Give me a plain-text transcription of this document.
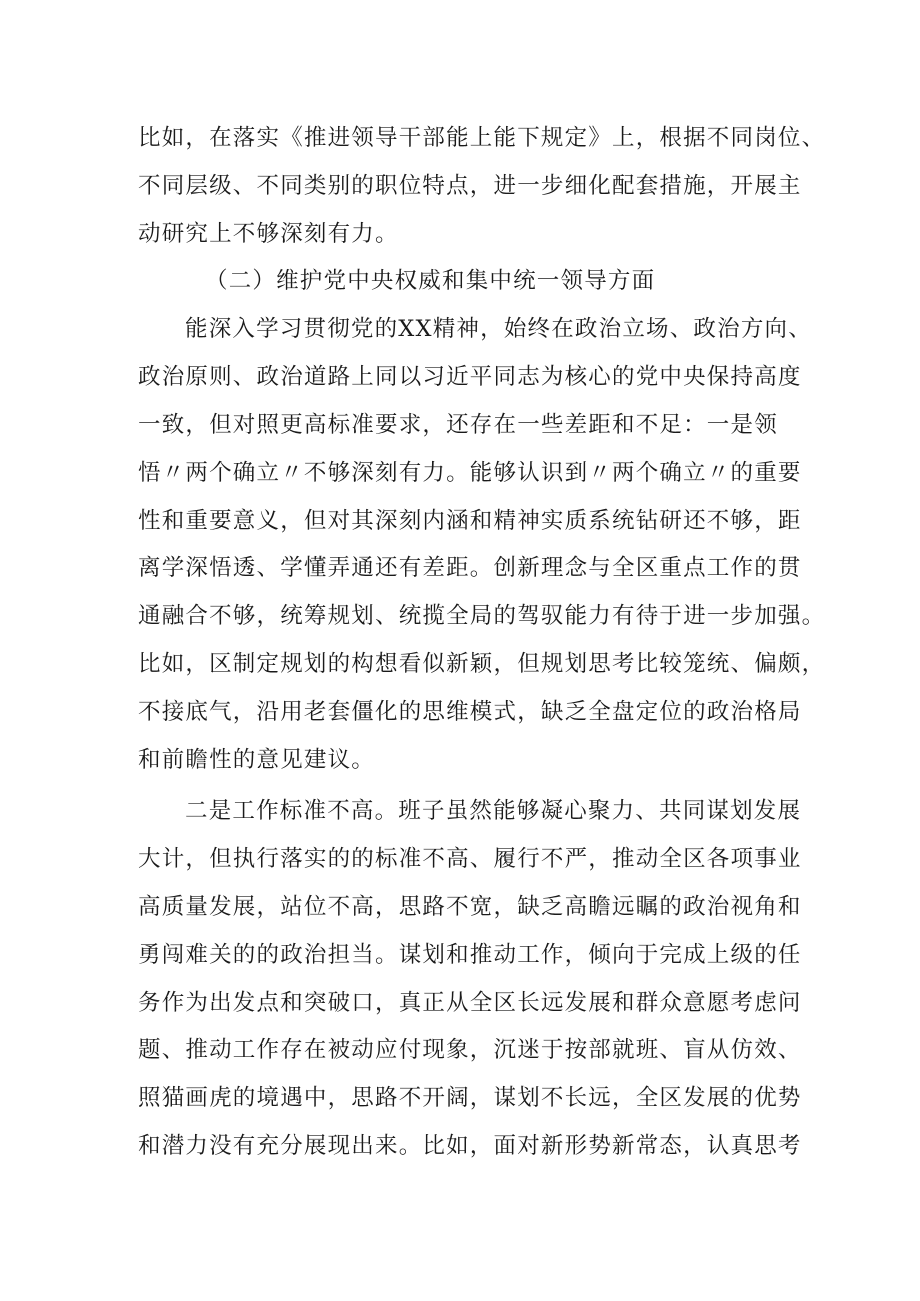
比如，在落实《推进领导干部能上能下规定》上，根据不同岗位、
不同层级、不同类别的职位特点，进一步细化配套措施，开展主
动研究上不够深刻有力。
（二）维护党中央权威和集中统一领导方面
能深入学习贯彻党的XX精神，始终在政治立场、政治方向、
政治原则、政治道路上同以习近平同志为核心的党中央保持高度
一致，但对照更高标准要求，还存在一些差距和不足：一是领
悟〃两个确立〃不够深刻有力。能够认识到〃两个确立〃的重要
性和重要意义，但对其深刻内涵和精神实质系统钻研还不够，距
离学深悟透、学懂弄通还有差距。创新理念与全区重点工作的贯
通融合不够，统筹规划、统揽全局的驾驭能力有待于进一步加强。
比如，区制定规划的构想看似新颖，但规划思考比较笼统、偏颇，
不接底气，沿用老套僵化的思维模式，缺乏全盘定位的政治格局
和前瞻性的意见建议。
二是工作标准不高。班子虽然能够凝心聚力、共同谋划发展
大计，但执行落实的的标准不高、履行不严，推动全区各项事业
高质量发展，站位不高，思路不宽，缺乏高瞻远瞩的政治视角和
勇闯难关的的政治担当。谋划和推动工作，倾向于完成上级的任
务作为出发点和突破口，真正从全区长远发展和群众意愿考虑问
题、推动工作存在被动应付现象，沉迷于按部就班、盲从仿效、
照猫画虎的境遇中，思路不开阔，谋划不长远，全区发展的优势
和潜力没有充分展现出来。比如，面对新形势新常态，认真思考
